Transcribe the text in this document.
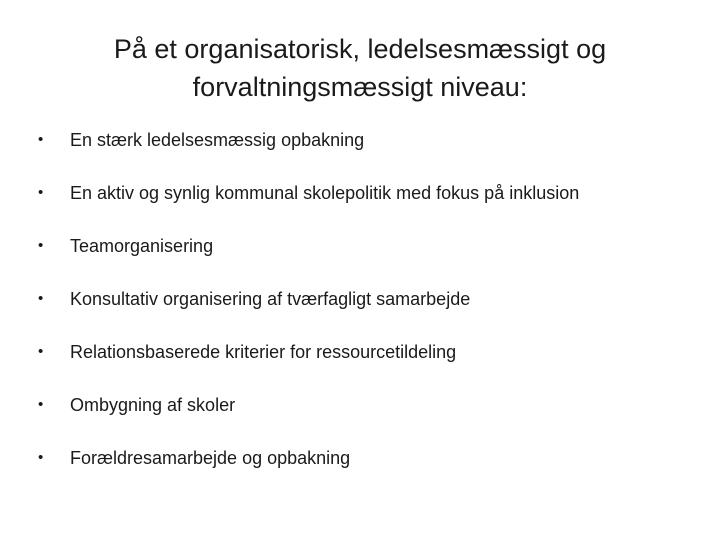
På et organisatorisk, ledelsesmæssigt og
forvaltningsmæssigt niveau:
•	En stærk ledelsesmæssig opbakning
•	En aktiv og synlig kommunal skolepolitik med fokus på inklusion
•	Teamorganisering
•	Konsultativ organisering af tværfagligt samarbejde
•	Relationsbaserede kriterier for ressourcetildeling
•	Ombygning af skoler
•	Forældresamarbejde og opbakning
